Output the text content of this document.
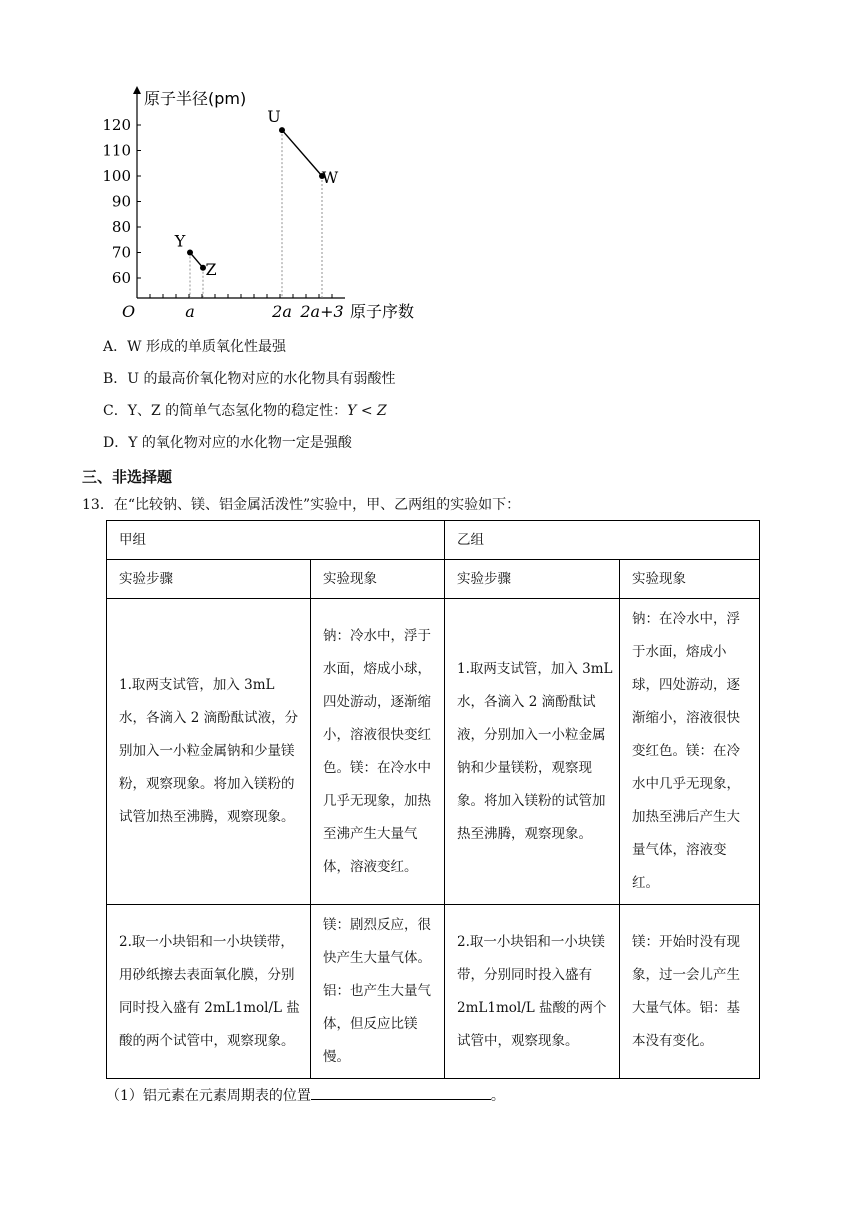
60
70
80
90
100
110
120
原子半径(pm)
原子序数
O	a	2a 2a+3
Y
Z
U
W
A．W 形成的单质氧化性最强
B．U 的最高价氧化物对应的水化物具有弱酸性
C．Y、Z 的简单气态氢化物的稳定性：Y < Z
D．Y 的氧化物对应的水化物一定是强酸
三、非选择题
13．在“比较钠、镁、铝金属活泼性”实验中，甲、乙两组的实验如下：
甲组		乙组	
实验步骤	实验现象	实验步骤	实验现象
1.取两支试管，加入 3mL 水，各滴入 2 滴酚酞试液，分别加入一小粒金属钠和少量镁粉，观察现象。将加入镁粉的试管加热至沸腾，观察现象。	钠：冷水中，浮于水面，熔成小球，四处游动，逐渐缩小，溶液很快变红色。镁：在冷水中几乎无现象，加热至沸产生大量气体，溶液变红。	1.取两支试管，加入 3mL 水，各滴入 2 滴酚酞试液，分别加入一小粒金属钠和少量镁粉，观察现象。将加入镁粉的试管加热至沸腾，观察现象。	钠：在冷水中，浮于水面，熔成小球，四处游动，逐渐缩小，溶液很快变红色。镁：在冷水中几乎无现象，加热至沸后产生大量气体，溶液变红。
2.取一小块铝和一小块镁带，用砂纸擦去表面氧化膜，分别同时投入盛有 2mL1mol/L 盐酸的两个试管中，观察现象。	镁：剧烈反应，很快产生大量气体。铝：也产生大量气体，但反应比镁慢。	2.取一小块铝和一小块镁带，分别同时投入盛有 2mL1mol/L 盐酸的两个试管中，观察现象。	镁：开始时没有现象，过一会儿产生大量气体。铝：基本没有变化。
（1）铝元素在元素周期表的位置	。
